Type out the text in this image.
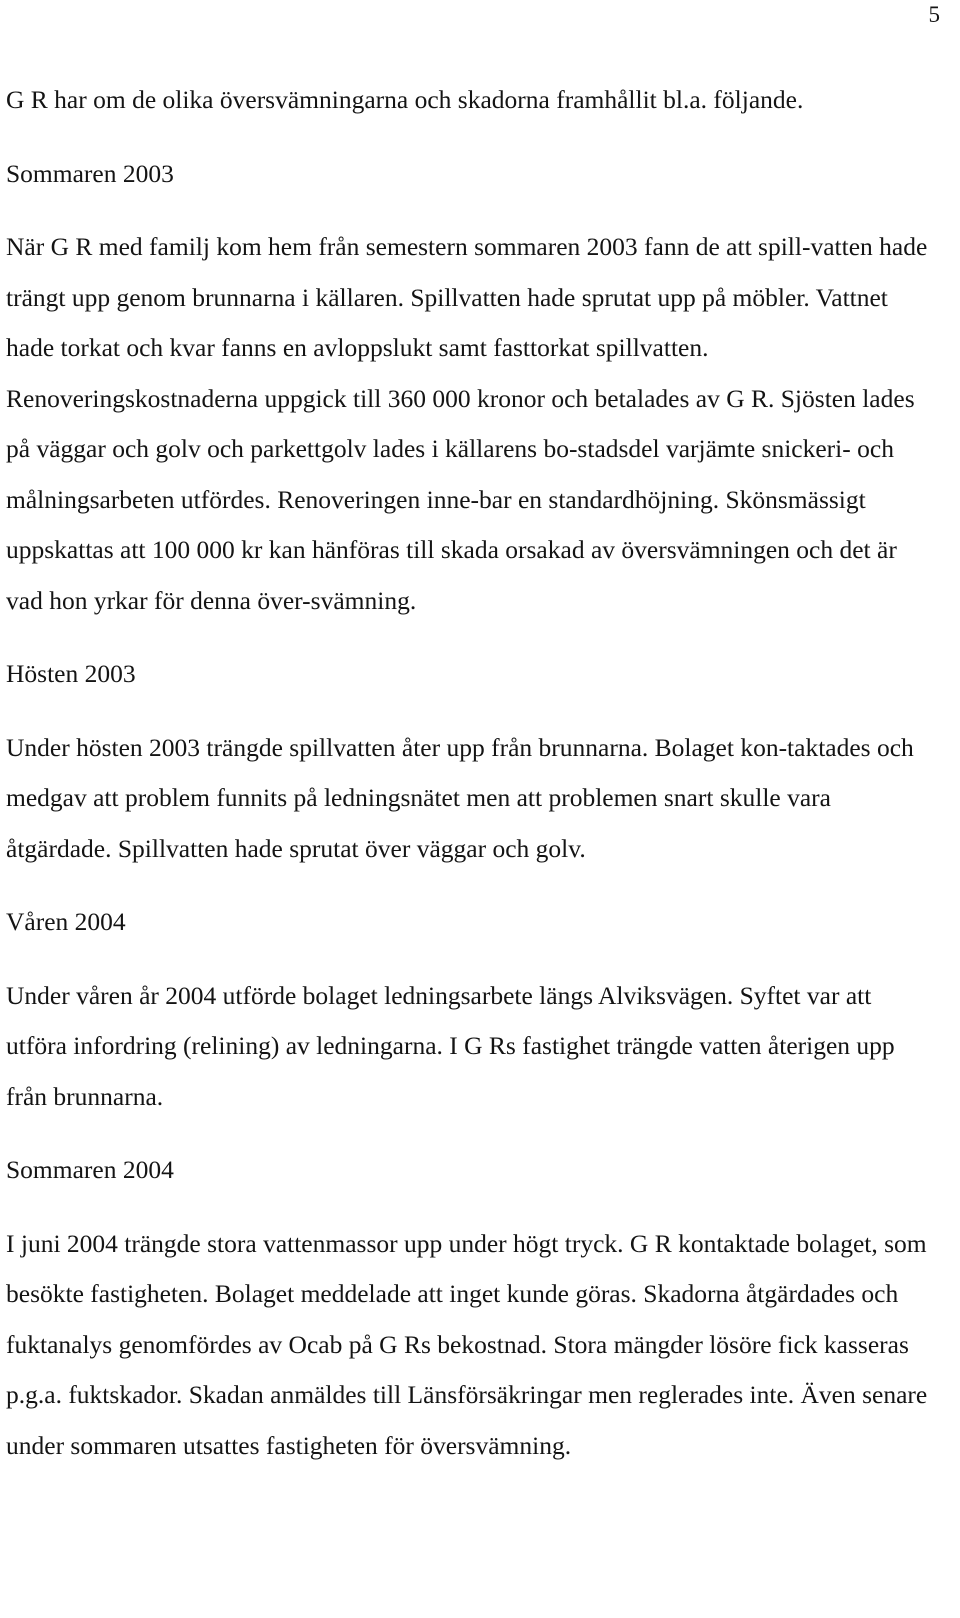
5

G R har om de olika översvämningarna och skadorna framhållit bl.a. följande.

Sommaren 2003

När G R med familj kom hem från semestern sommaren 2003 fann de att spill-vatten hade trängt upp genom brunnarna i källaren. Spillvatten hade sprutat upp på möbler. Vattnet hade torkat och kvar fanns en avloppslukt samt fasttorkat spillvatten. Renoveringskostnaderna uppgick till 360 000 kronor och betalades av G R. Sjösten lades på väggar och golv och parkettgolv lades i källarens bo-stadsdel varjämte snickeri- och målningsarbeten utfördes. Renoveringen inne-bar en standardhöjning. Skönsmässigt uppskattas att 100 000 kr kan hänföras till skada orsakad av översvämningen och det är vad hon yrkar för denna över-svämning.

Hösten 2003

Under hösten 2003 trängde spillvatten åter upp från brunnarna. Bolaget kon-taktades och medgav att problem funnits på ledningsnätet men att problemen snart skulle vara åtgärdade. Spillvatten hade sprutat över väggar och golv.

Våren 2004

Under våren år 2004 utförde bolaget ledningsarbete längs Alviksvägen. Syftet var att utföra infordring (relining) av ledningarna. I G Rs fastighet trängde vatten återigen upp från brunnarna.

Sommaren 2004

I juni 2004 trängde stora vattenmassor upp under högt tryck. G R kontaktade bolaget, som besökte fastigheten. Bolaget meddelade att inget kunde göras. Skadorna åtgärdades och fuktanalys genomfördes av Ocab på G Rs bekostnad. Stora mängder lösöre fick kasseras p.g.a. fuktskador. Skadan anmäldes till Länsförsäkringar men reglerades inte. Även senare under sommaren utsattes fastigheten för översvämning.
